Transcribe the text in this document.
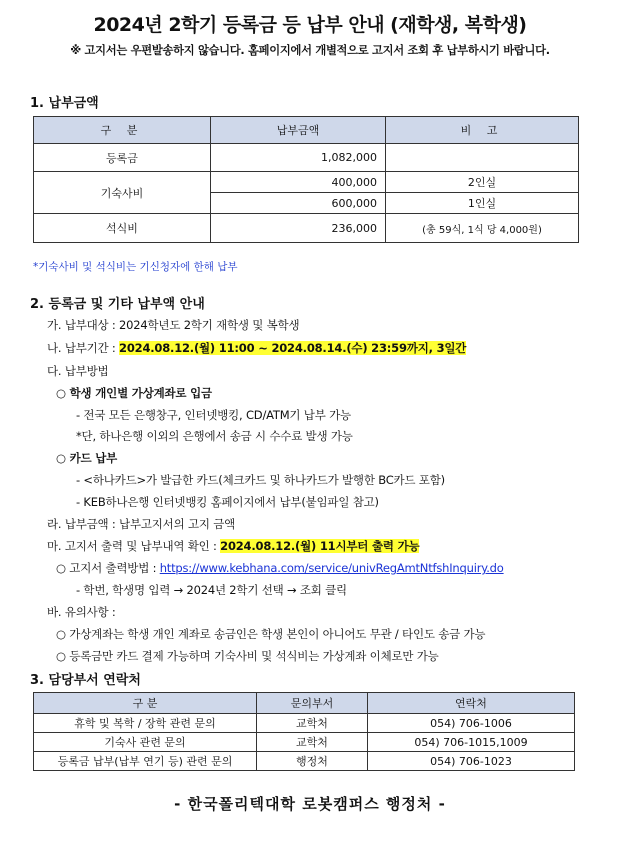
2024년 2학기 등록금 등 납부 안내 (재학생, 복학생)
※ 고지서는 우편발송하지 않습니다. 홈페이지에서 개별적으로 고지서 조회 후 납부하시기 바랍니다.
1. 납부금액
구 분	납부금액	비 고
등록금	1,082,000	
기숙사비	400,000	2인실
	600,000	1인실
석식비	236,000	(총 59식, 1식 당 4,000원)
*기숙사비 및 석식비는 기신청자에 한해 납부
2. 등록금 및 기타 납부액 안내
가. 납부대상 : 2024학년도 2학기 재학생 및 복학생
나. 납부기간 : 2024.08.12.(월) 11:00 ~ 2024.08.14.(수) 23:59까지, 3일간
다. 납부방법
○ 학생 개인별 가상계좌로 입금
- 전국 모든 은행창구, 인터넷뱅킹, CD/ATM기 납부 가능
*단, 하나은행 이외의 은행에서 송금 시 수수료 발생 가능
○ 카드 납부
- <하나카드>가 발급한 카드(체크카드 및 하나카드가 발행한 BC카드 포함)
- KEB하나은행 인터넷뱅킹 홈페이지에서 납부(붙임파일 참고)
라. 납부금액 : 납부고지서의 고지 금액
마. 고지서 출력 및 납부내역 확인 : 2024.08.12.(월) 11시부터 출력 가능
○ 고지서 출력방법 : https://www.kebhana.com/service/univRegAmtNtfshInquiry.do
- 학번, 학생명 입력 → 2024년 2학기 선택 → 조회 클릭
바. 유의사항 :
○ 가상계좌는 학생 개인 계좌로 송금인은 학생 본인이 아니어도 무관 / 타인도 송금 가능
○ 등록금만 카드 결제 가능하며 기숙사비 및 석식비는 가상계좌 이체로만 가능
3. 담당부서 연락처
구 분	문의부서	연락처
휴학 및 복학 / 장학 관련 문의	교학처	054) 706-1006
기숙사 관련 문의	교학처	054) 706-1015,1009
등록금 납부(납부 연기 등) 관련 문의	행정처	054) 706-1023
- 한국폴리텍대학 로봇캠퍼스 행정처 -
